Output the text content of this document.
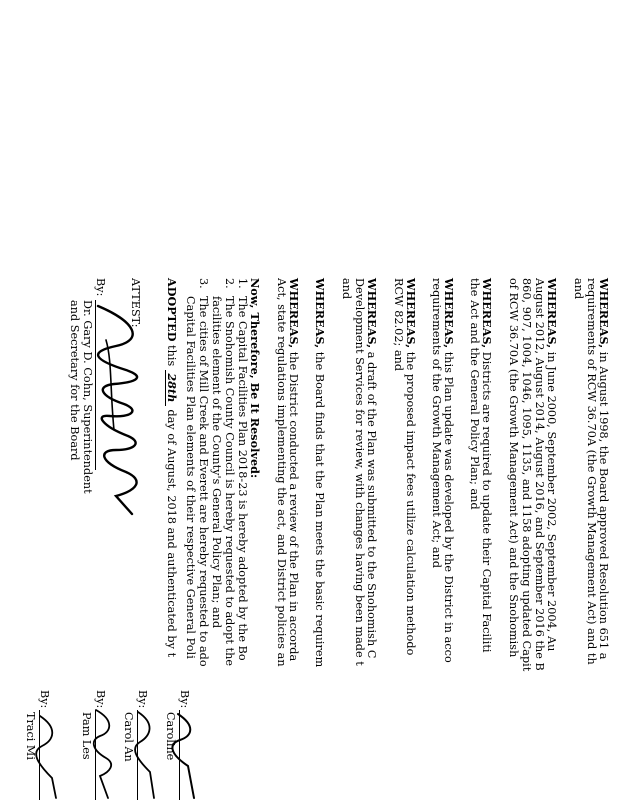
WHEREAS, in August 1998, the Board approved Resolution 651 a
requirements of RCW 36.70A (the Growth Management Act) and th
and
WHEREAS, in June 2000, September 2002, September 2004, Au
August 2012, August 2014, August 2016, and September 2016 the B
860, 907, 1004, 1046, 1095, 1135, and 1158 adopting updated Capit
of RCW 36.70A (the Growth Management Act) and the Snohomish
WHEREAS, Districts are required to update their Capital Faciliti
the Act and the General Policy Plan; and
WHEREAS, this Plan update was developed by the District in acco
requirements of the Growth Management Act; and
WHEREAS, the proposed impact fees utilize calculation methodo
RCW 82.02; and
WHEREAS, a draft of the Plan was submitted to the Snohomish C
Development Services for review, with changes having been made t
and
WHEREAS, the Board finds that the Plan meets the basic requirem
WHEREAS, the District conducted a review of the Plan in accorda
Act, state regulations implementing the act, and District policies an
Now, Therefore, Be It Resolved:
1.
The Capital Facilities Plan 2018-23 is hereby adopted by the Bo
2.
The Snohomish County Council is hereby requested to adopt the
facilities element of the County's General Policy Plan; and
3.
The cities of Mill Creek and Everett are hereby requested to ado
Capital Facilities Plan elements of their respective General Poli
ADOPTED this 28th day of August, 2018 and authenticated by t
ATTEST:
By:
Dr. Gary D. Cohn, Superintendent
and Secretary for the Board
By:
Caroline
By:
Carol An
By:
Pam Les
By:
Traci Mi
